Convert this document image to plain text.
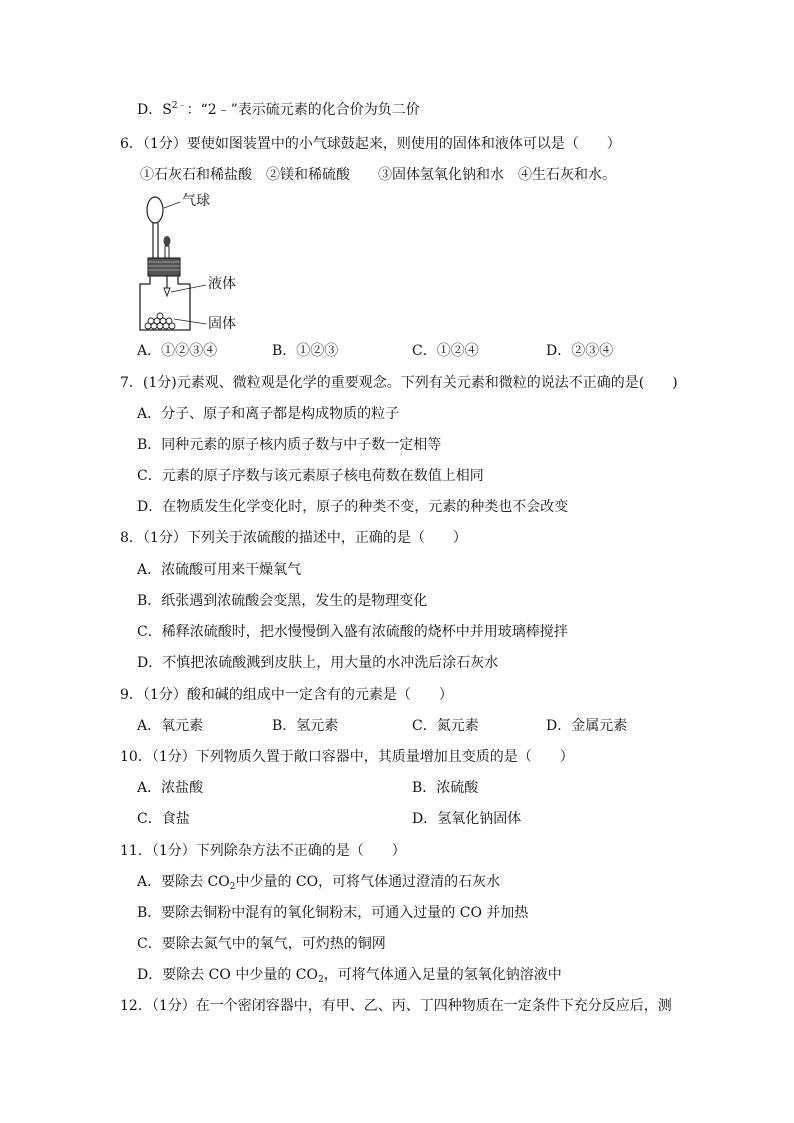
D．$S^{2﹣}$：“2﹣”表示硫元素的化合价为负二价
6．（1分）要使如图装置中的小气球鼓起来，则使用的固体和液体可以是（　　）
①石灰石和稀盐酸　②镁和稀硫酸　　③固体氢氧化钠和水　④生石灰和水。
气球
液体
固体
A．①②③④	B．①②③	C．①②④	D．②③④
7．(1分)元素观、微粒观是化学的重要观念。下列有关元素和微粒的说法不正确的是(　　)
A．分子、原子和离子都是构成物质的粒子
B．同种元素的原子核内质子数与中子数一定相等
C．元素的原子序数与该元素原子核电荷数在数值上相同
D．在物质发生化学变化时，原子的种类不变，元素的种类也不会改变
8．（1分）下列关于浓硫酸的描述中，正确的是（　　）
A．浓硫酸可用来干燥氧气
B．纸张遇到浓硫酸会变黑，发生的是物理变化
C．稀释浓硫酸时，把水慢慢倒入盛有浓硫酸的烧杯中并用玻璃棒搅拌
D．不慎把浓硫酸溅到皮肤上，用大量的水冲洗后涂石灰水
9．（1分）酸和碱的组成中一定含有的元素是（　　）
A．氧元素	B．氢元素	C．氮元素	D．金属元素
10．（1分）下列物质久置于敞口容器中，其质量增加且变质的是（　　）
A．浓盐酸	B．浓硫酸
C．食盐	D．氢氧化钠固体
11．（1分）下列除杂方法不正确的是（　　）
A．要除去 $CO_2$中少量的 CO，可将气体通过澄清的石灰水
B．要除去铜粉中混有的氧化铜粉末，可通入过量的 CO 并加热
C．要除去氮气中的氧气，可灼热的铜网
D．要除去 CO 中少量的 $CO_2$，可将气体通入足量的氢氧化钠溶液中
12．（1分）在一个密闭容器中，有甲、乙、丙、丁四种物质在一定条件下充分反应后，测
